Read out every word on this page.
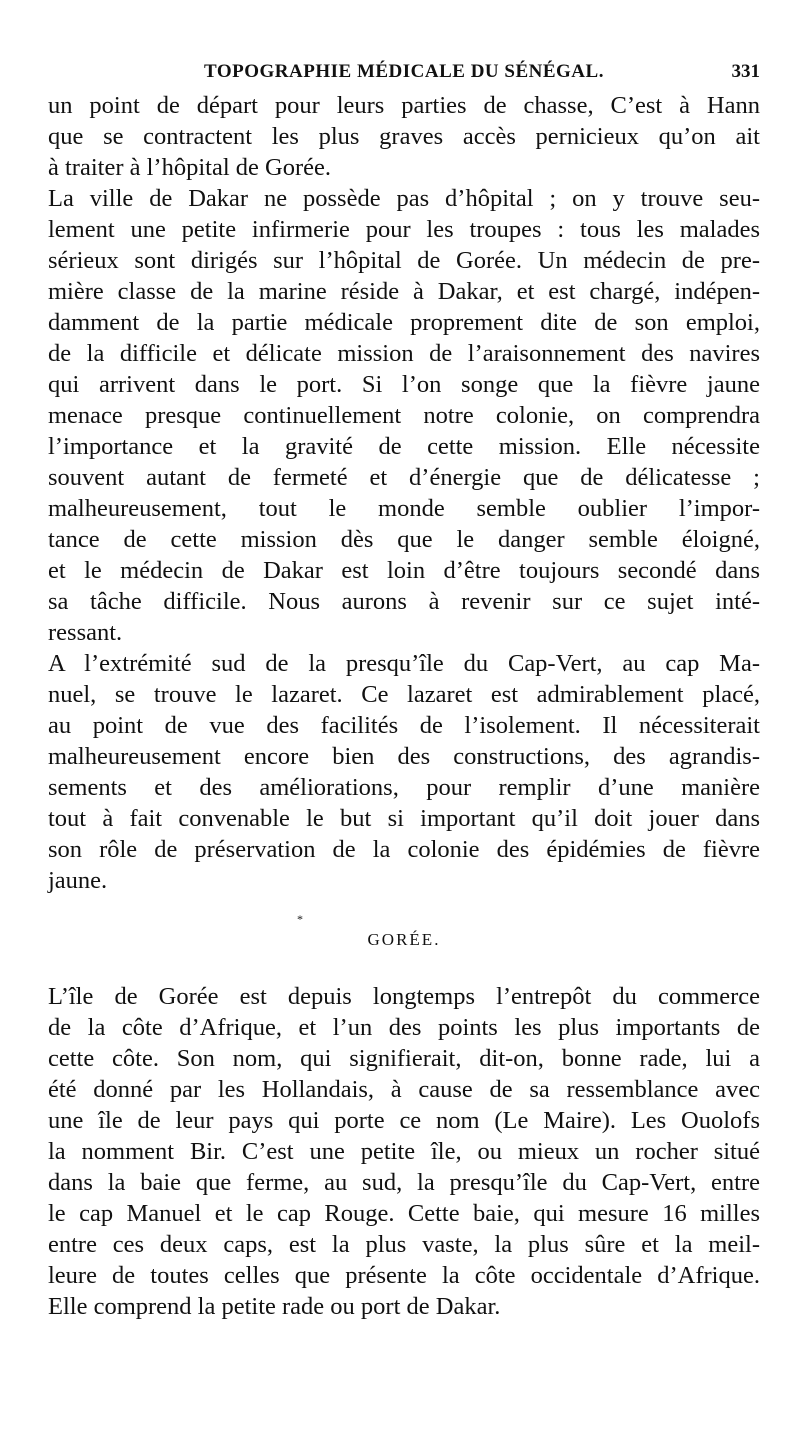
TOPOGRAPHIE MÉDICALE DU SÉNÉGAL.	331
un point de départ pour leurs parties de chasse, C’est à Hann
que se contractent les plus graves accès pernicieux qu’on ait
à traiter à l’hôpital de Gorée.
La ville de Dakar ne possède pas d’hôpital ; on y trouve seu-
lement une petite infirmerie pour les troupes : tous les malades
sérieux sont dirigés sur l’hôpital de Gorée. Un médecin de pre-
mière classe de la marine réside à Dakar, et est chargé, indépen-
damment de la partie médicale proprement dite de son emploi,
de la difficile et délicate mission de l’araisonnement des navires
qui arrivent dans le port. Si l’on songe que la fièvre jaune
menace presque continuellement notre colonie, on comprendra
l’importance et la gravité de cette mission. Elle nécessite
souvent autant de fermeté et d’énergie que de délicatesse ;
malheureusement, tout le monde semble oublier l’impor-
tance de cette mission dès que le danger semble éloigné,
et le médecin de Dakar est loin d’être toujours secondé dans
sa tâche difficile. Nous aurons à revenir sur ce sujet inté-
ressant.
A l’extrémité sud de la presqu’île du Cap-Vert, au cap Ma-
nuel, se trouve le lazaret. Ce lazaret est admirablement placé,
au point de vue des facilités de l’isolement. Il nécessiterait
malheureusement encore bien des constructions, des agrandis-
sements et des améliorations, pour remplir d’une manière
tout à fait convenable le but si important qu’il doit jouer dans
son rôle de préservation de la colonie des épidémies de fièvre
jaune.
*
GORÉE.
L’île de Gorée est depuis longtemps l’entrepôt du commerce
de la côte d’Afrique, et l’un des points les plus importants de
cette côte. Son nom, qui signifierait, dit-on, bonne rade, lui a
été donné par les Hollandais, à cause de sa ressemblance avec
une île de leur pays qui porte ce nom (Le Maire). Les Ouolofs
la nomment Bir. C’est une petite île, ou mieux un rocher situé
dans la baie que ferme, au sud, la presqu’île du Cap-Vert, entre
le cap Manuel et le cap Rouge. Cette baie, qui mesure 16 milles
entre ces deux caps, est la plus vaste, la plus sûre et la meil-
leure de toutes celles que présente la côte occidentale d’Afrique.
Elle comprend la petite rade ou port de Dakar.
